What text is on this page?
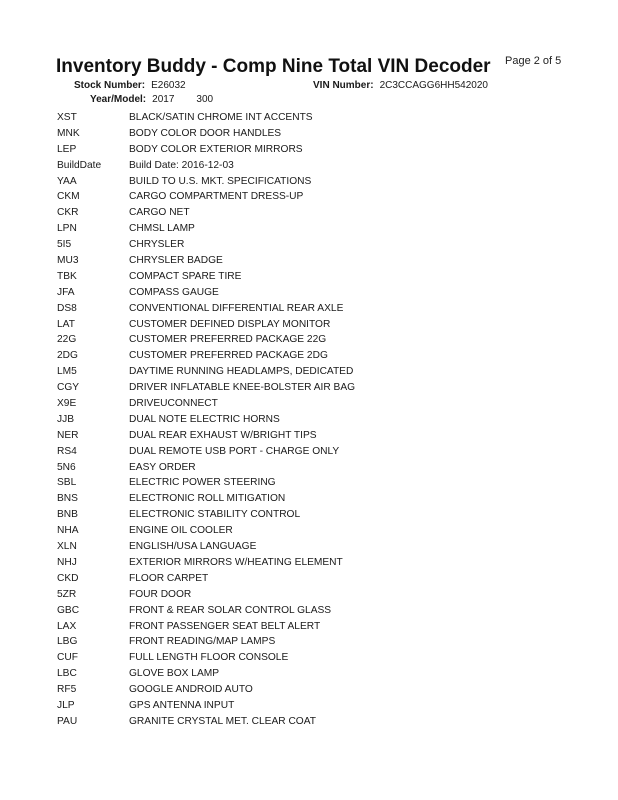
Page 2 of 5
Inventory Buddy - Comp Nine Total VIN Decoder
Stock Number: E26032	VIN Number: 2C3CCAGG6HH542020
Year/Model: 2017 300
XST	BLACK/SATIN CHROME INT ACCENTS
MNK	BODY COLOR DOOR HANDLES
LEP	BODY COLOR EXTERIOR MIRRORS
BuildDate	Build Date: 2016-12-03
YAA	BUILD TO U.S. MKT. SPECIFICATIONS
CKM	CARGO COMPARTMENT DRESS-UP
CKR	CARGO NET
LPN	CHMSL LAMP
5I5	CHRYSLER
MU3	CHRYSLER BADGE
TBK	COMPACT SPARE TIRE
JFA	COMPASS GAUGE
DS8	CONVENTIONAL DIFFERENTIAL REAR AXLE
LAT	CUSTOMER DEFINED DISPLAY MONITOR
22G	CUSTOMER PREFERRED PACKAGE 22G
2DG	CUSTOMER PREFERRED PACKAGE 2DG
LM5	DAYTIME RUNNING HEADLAMPS, DEDICATED
CGY	DRIVER INFLATABLE KNEE-BOLSTER AIR BAG
X9E	DRIVEUCONNECT
JJB	DUAL NOTE ELECTRIC HORNS
NER	DUAL REAR EXHAUST W/BRIGHT TIPS
RS4	DUAL REMOTE USB PORT - CHARGE ONLY
5N6	EASY ORDER
SBL	ELECTRIC POWER STEERING
BNS	ELECTRONIC ROLL MITIGATION
BNB	ELECTRONIC STABILITY CONTROL
NHA	ENGINE OIL COOLER
XLN	ENGLISH/USA LANGUAGE
NHJ	EXTERIOR MIRRORS W/HEATING ELEMENT
CKD	FLOOR CARPET
5ZR	FOUR DOOR
GBC	FRONT & REAR SOLAR CONTROL GLASS
LAX	FRONT PASSENGER SEAT BELT ALERT
LBG	FRONT READING/MAP LAMPS
CUF	FULL LENGTH FLOOR CONSOLE
LBC	GLOVE BOX LAMP
RF5	GOOGLE ANDROID AUTO
JLP	GPS ANTENNA INPUT
PAU	GRANITE CRYSTAL MET. CLEAR COAT
